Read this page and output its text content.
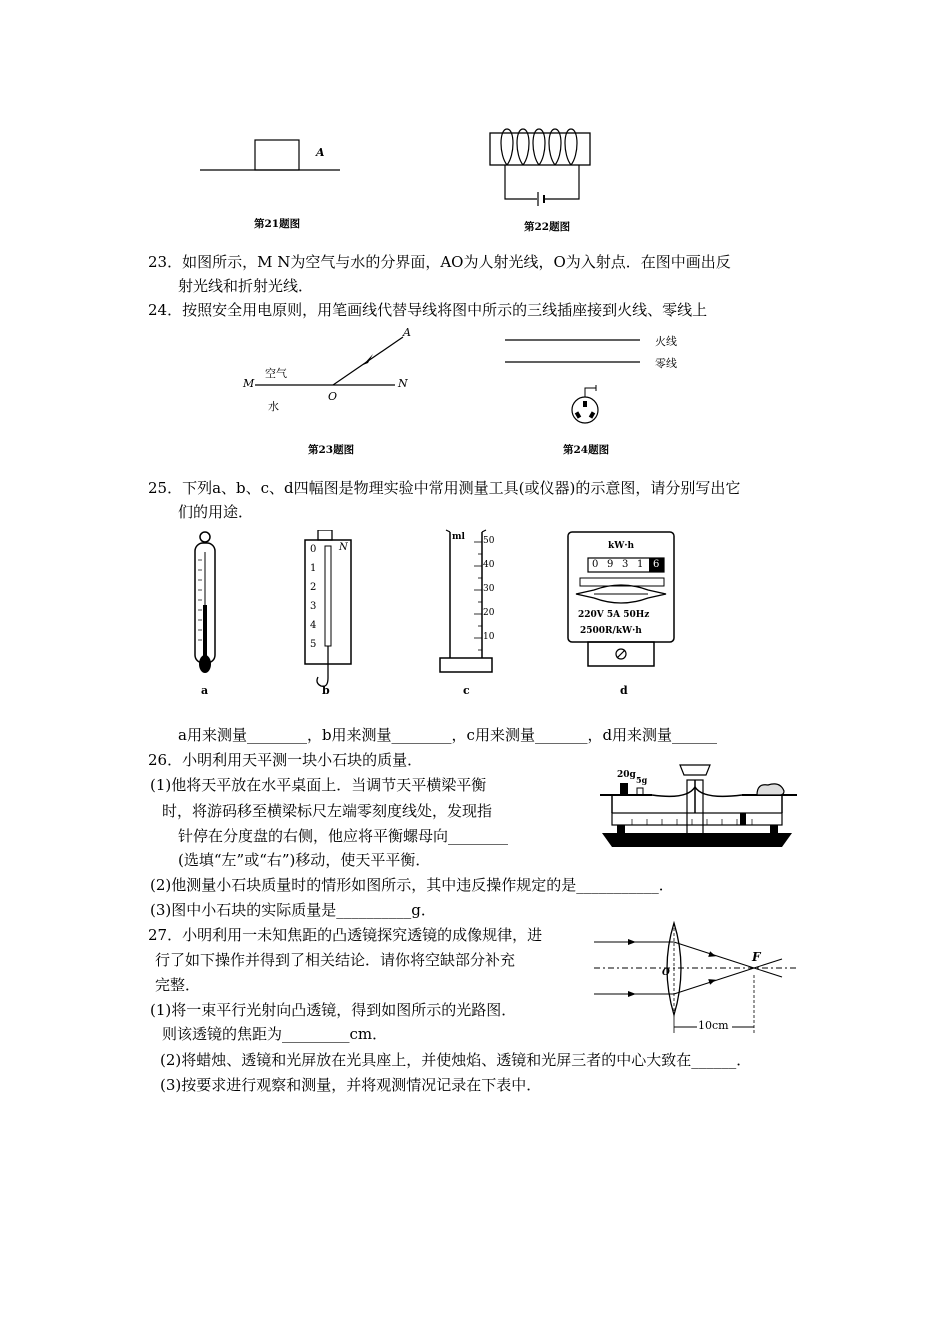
A
第21题图	第22题图
23．如图所示，M N为空气与水的分界面，AO为人射光线，O为入射点．在图中画出反
射光线和折射光线．
24．按照安全用电原则，用笔画线代替导线将图中所示的三线插座接到火线、零线上
M
空气
水
O
N
A
第23题图
火线
零线
第24题图
25．下列a、b、c、d四幅图是物理实验中常用测量工具(或仪器)的示意图，请分别写出它
们的用途．
a
0
1
2
3
4
5
N
b
ml 50
40
30
20
10
c
kW·h
0 9 3 1 6
220V 5A 50Hz
2500R/kW·h
d
a用来测量________，b用来测量________，c用来测量_______，d用来测量______
26．小明利用天平测一块小石块的质量．
(1)他将天平放在水平桌面上．当调节天平横梁平衡
时，将游码移至横梁标尺左端零刻度线处，发现指
针停在分度盘的右侧，他应将平衡螺母向________
(选填“左”或“右”)移动，使天平平衡．
(2)他测量小石块质量时的情形如图所示，其中违反操作规定的是___________．
(3)图中小石块的实际质量是__________g．
20g 5g
27．小明利用一未知焦距的凸透镜探究透镜的成像规律，进
行了如下操作并得到了相关结论．请你将空缺部分补充
完整．
(1)将一束平行光射向凸透镜，得到如图所示的光路图．
则该透镜的焦距为_________cm．
(2)将蜡烛、透镜和光屏放在光具座上，并使烛焰、透镜和光屏三者的中心大致在______．
(3)按要求进行观察和测量，并将观测情况记录在下表中．
F
O
10cm
